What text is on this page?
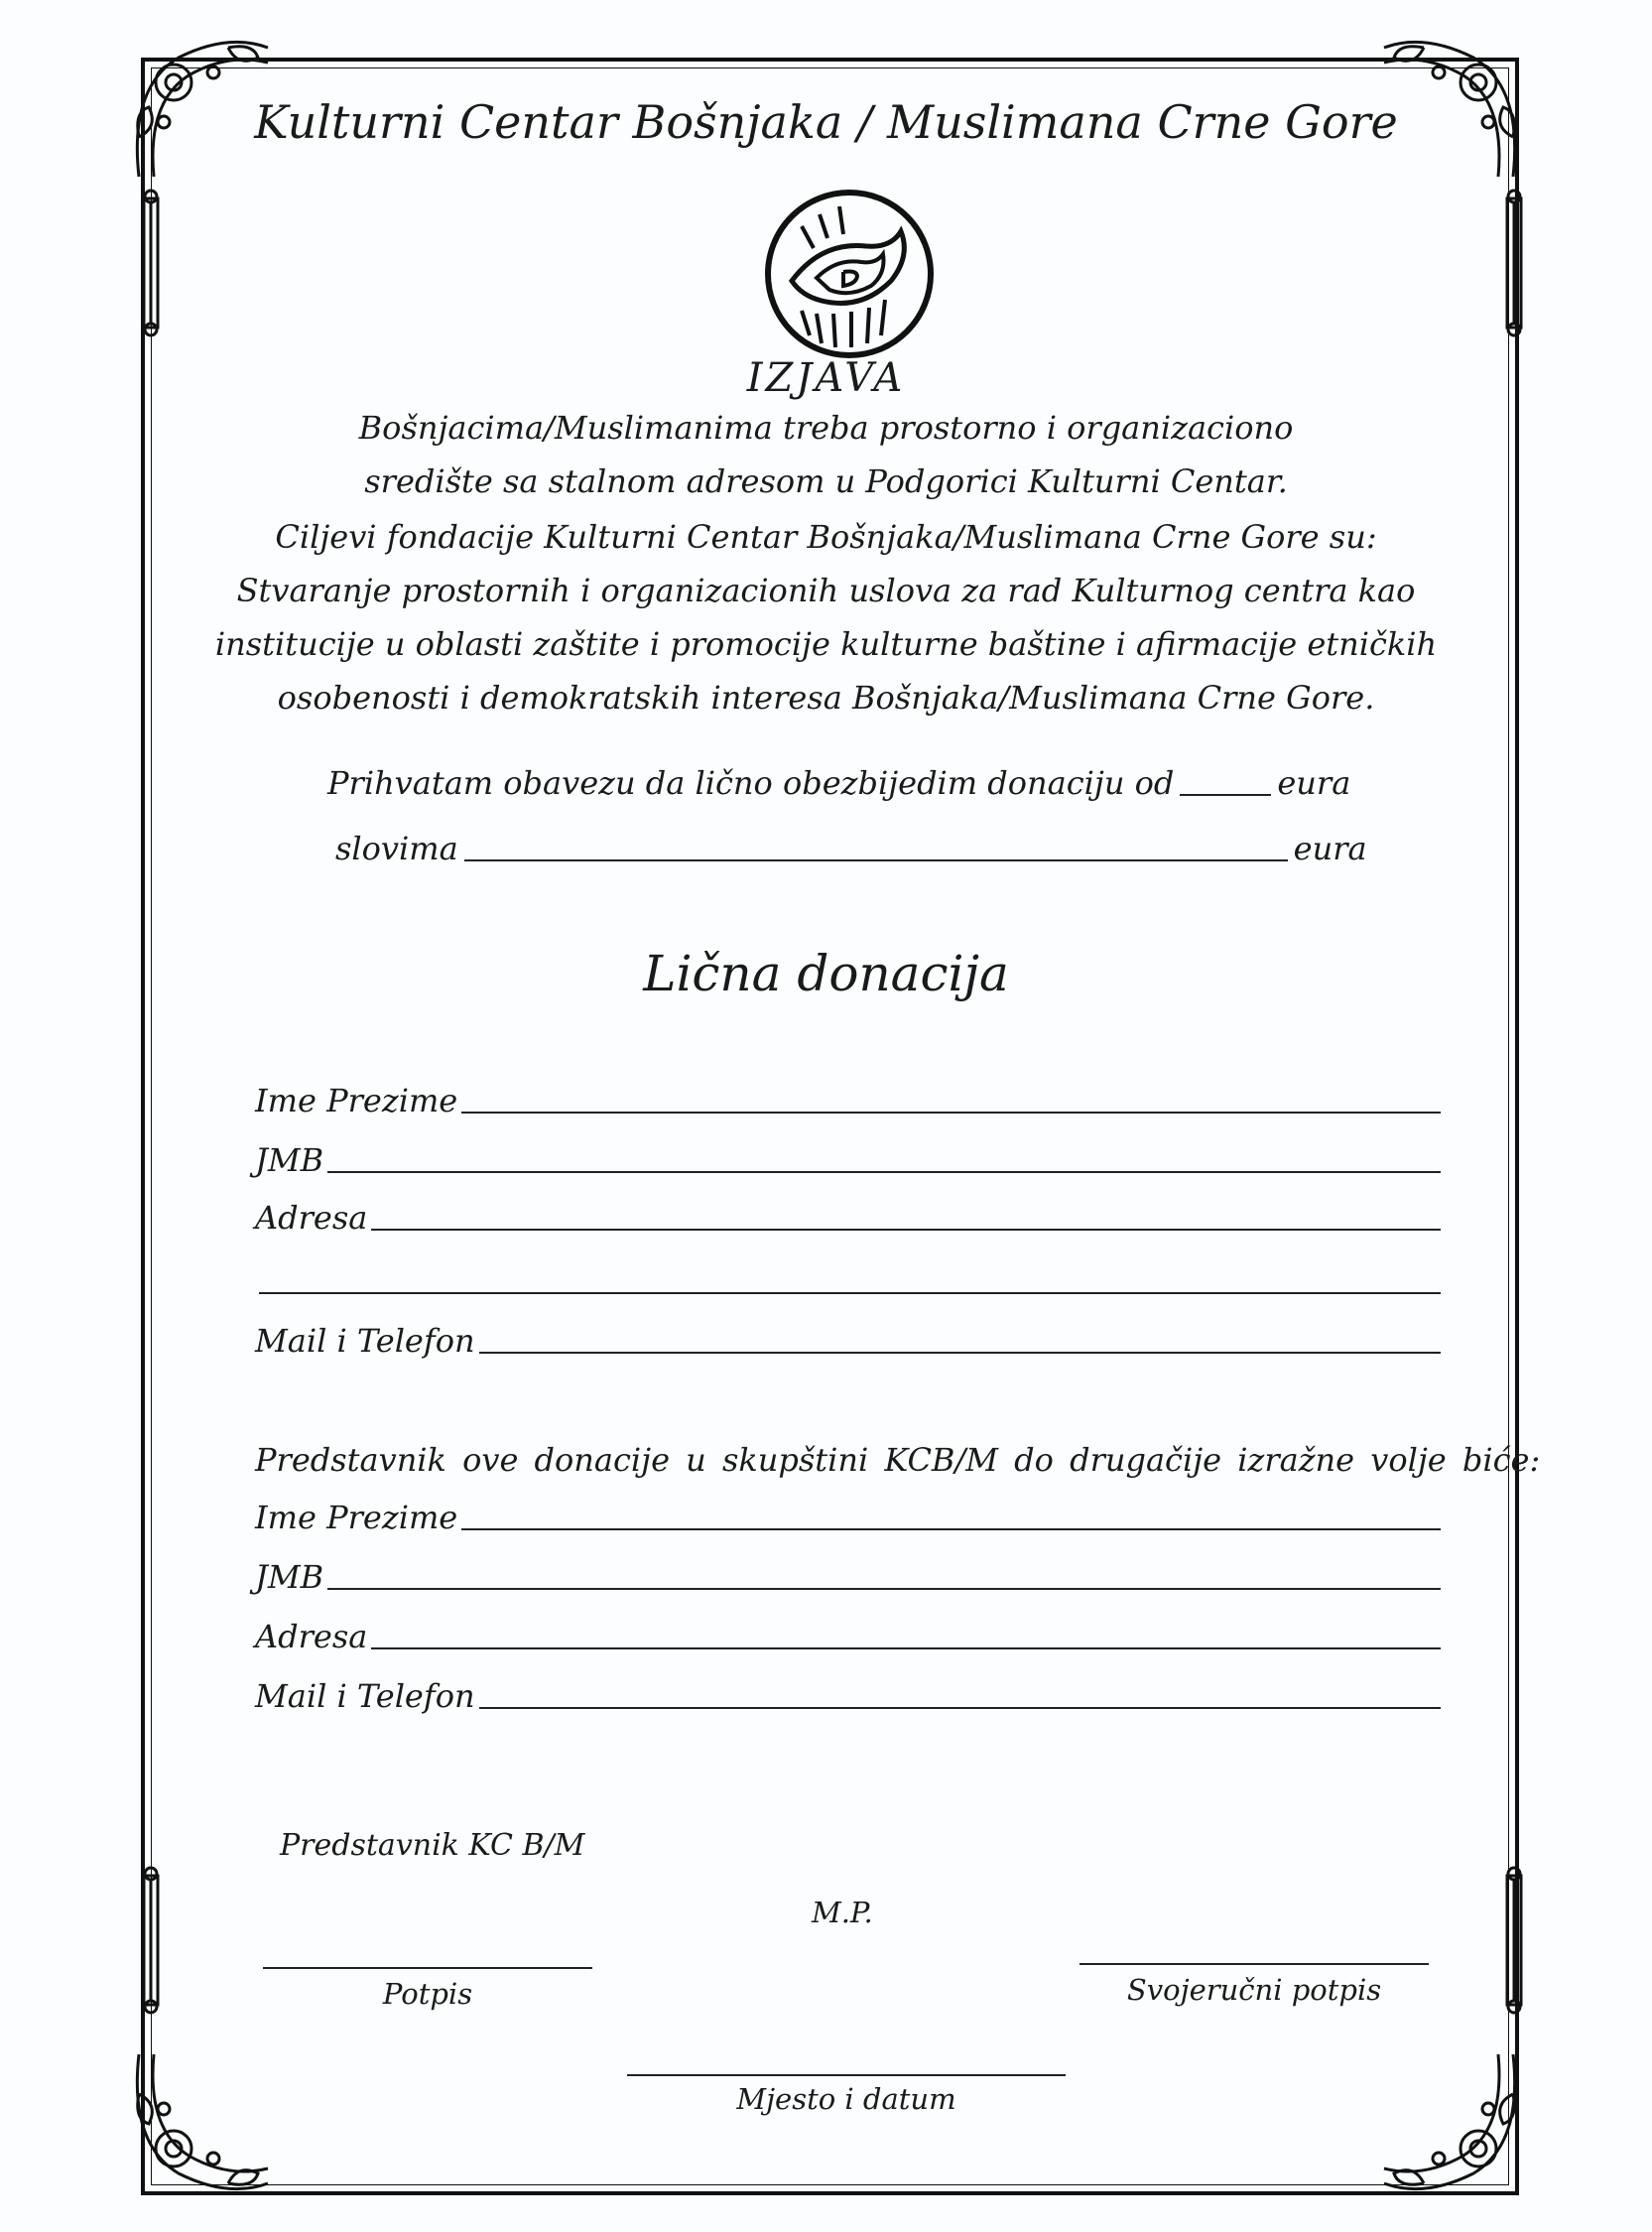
Kulturni Centar Bošnjaka / Muslimana Crne Gore
IZJAVA
Bošnjacima/Muslimanima treba prostorno i organizaciono
središte sa stalnom adresom u Podgorici Kulturni Centar.
Ciljevi fondacije Kulturni Centar Bošnjaka/Muslimana Crne Gore su:
Stvaranje prostornih i organizacionih uslova za rad Kulturnog centra kao
institucije u oblasti zaštite i promocije kulturne baštine i afirmacije etničkih
osobenosti i demokratskih interesa Bošnjaka/Muslimana Crne Gore.
Prihvatam obavezu da lično obezbijedim donaciju od	eura
slovima	eura
Lična donacija
Ime Prezime
JMB
Adresa
Mail i Telefon
Predstavnik ove donacije u skupštini KCB/M do drugačije izražne volje biće:
Ime Prezime
JMB
Adresa
Mail i Telefon
Predstavnik KC B/M
M.P.
Potpis	Svojeručni potpis
Mjesto i datum
